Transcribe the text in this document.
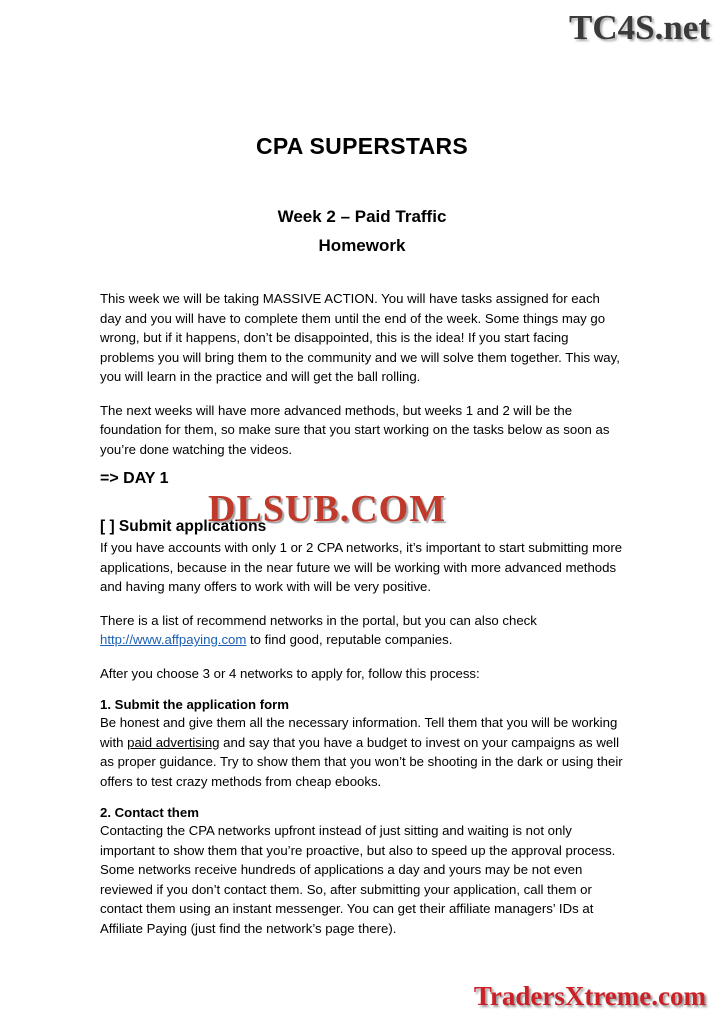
TC4S.net
CPA SUPERSTARS
Week 2 – Paid Traffic
Homework

This week we will be taking MASSIVE ACTION. You will have tasks assigned for each day and you will have to complete them until the end of the week. Some things may go wrong, but if it happens, don’t be disappointed, this is the idea! If you start facing problems you will bring them to the community and we will solve them together. This way, you will learn in the practice and will get the ball rolling.

The next weeks will have more advanced methods, but weeks 1 and 2 will be the foundation for them, so make sure that you start working on the tasks below as soon as you’re done watching the videos.

=> DAY 1
[ ] Submit applications

If you have accounts with only 1 or 2 CPA networks, it’s important to start submitting more applications, because in the near future we will be working with more advanced methods and having many offers to work with will be very positive.

There is a list of recommend networks in the portal, but you can also check http://www.affpaying.com to find good, reputable companies.

After you choose 3 or 4 networks to apply for, follow this process:

1. Submit the application form

Be honest and give them all the necessary information. Tell them that you will be working with paid advertising and say that you have a budget to invest on your campaigns as well as proper guidance. Try to show them that you won’t be shooting in the dark or using their offers to test crazy methods from cheap ebooks.

2. Contact them

Contacting the CPA networks upfront instead of just sitting and waiting is not only important to show them that you’re proactive, but also to speed up the approval process. Some networks receive hundreds of applications a day and yours may be not even reviewed if you don’t contact them. So, after submitting your application, call them or contact them using an instant messenger. You can get their affiliate managers’ IDs at Affiliate Paying (just find the network’s page there).

DLSUB.COM
TradersXtreme.com
